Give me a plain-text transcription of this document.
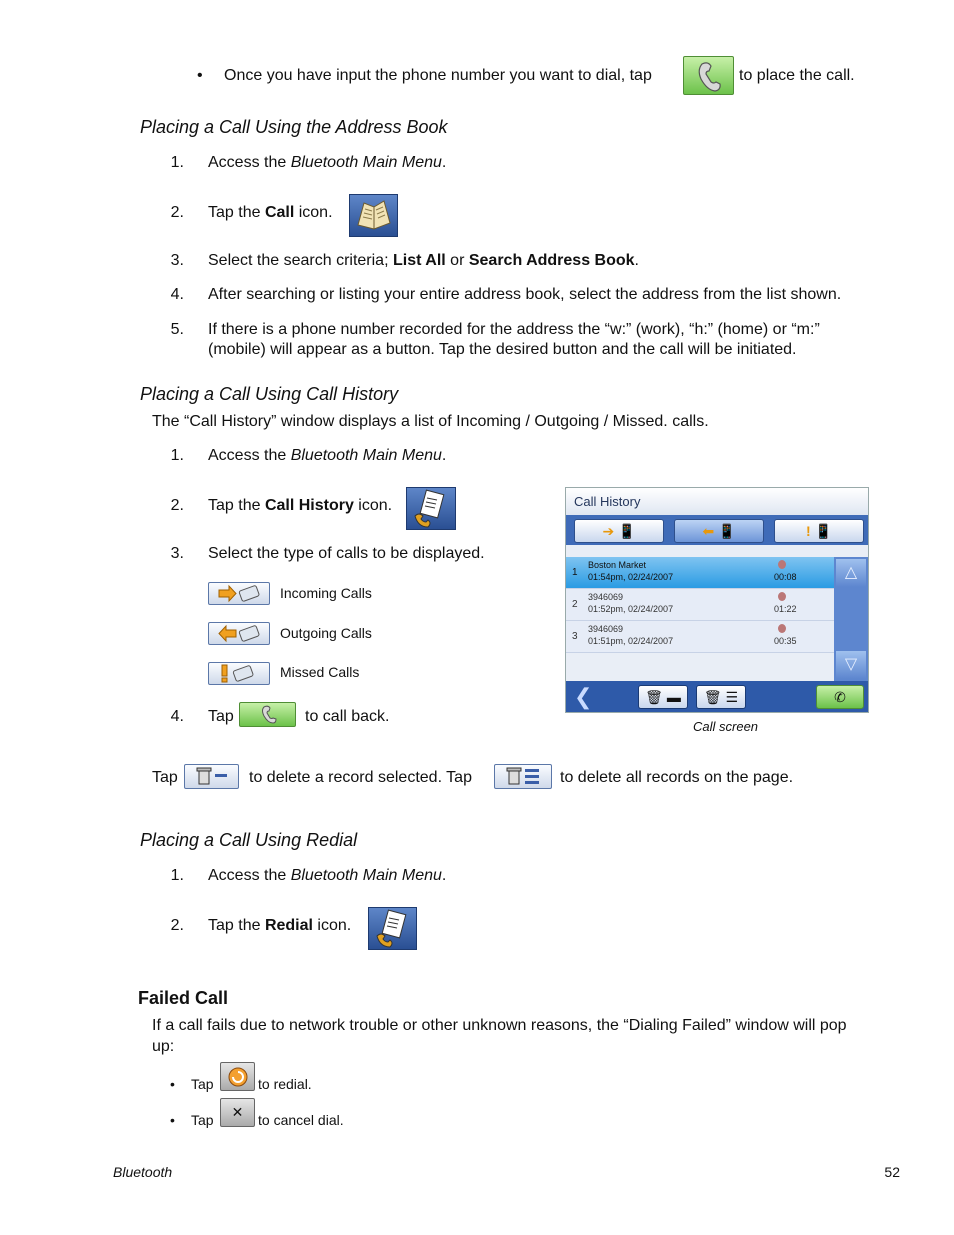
• Once you have input the phone number you want to dial, tap	to place the call.
Placing a Call Using the Address Book
1. Access the Bluetooth Main Menu.
2. Tap the Call icon.
3. Select the search criteria; List All or Search Address Book.
4. After searching or listing your entire address book, select the address from the list shown.
5. If there is a phone number recorded for the address the “w:” (work), “h:” (home) or “m:”
(mobile) will appear as a button. Tap the desired button and the call will be initiated.
Placing a Call Using Call History
The “Call History” window displays a list of Incoming / Outgoing / Missed. calls.
1. Access the Bluetooth Main Menu.
2. Tap the Call History icon.
3. Select the type of calls to be displayed.
Incoming Calls
Outgoing Calls
Missed Calls
4. Tap	to call back.
Call History
➔ 📱	⬅ 📱	! 📱
1
Boston Market
01:54pm, 02/24/2007	00:08
2
3946069
01:52pm, 02/24/2007	01:22
3
3946069
01:51pm, 02/24/2007	00:35
△
▽
❮	🗑 ▬	🗑 ☰	✆
Call screen
Tap	to delete a record selected. Tap	to delete all records on the page.
Placing a Call Using Redial
1. Access the Bluetooth Main Menu.
2. Tap the Redial icon.
Failed Call
If a call fails due to network trouble or other unknown reasons, the “Dialing Failed” window will pop
up:
• Tap	to redial.
• Tap	✕	to cancel dial.
Bluetooth	52
